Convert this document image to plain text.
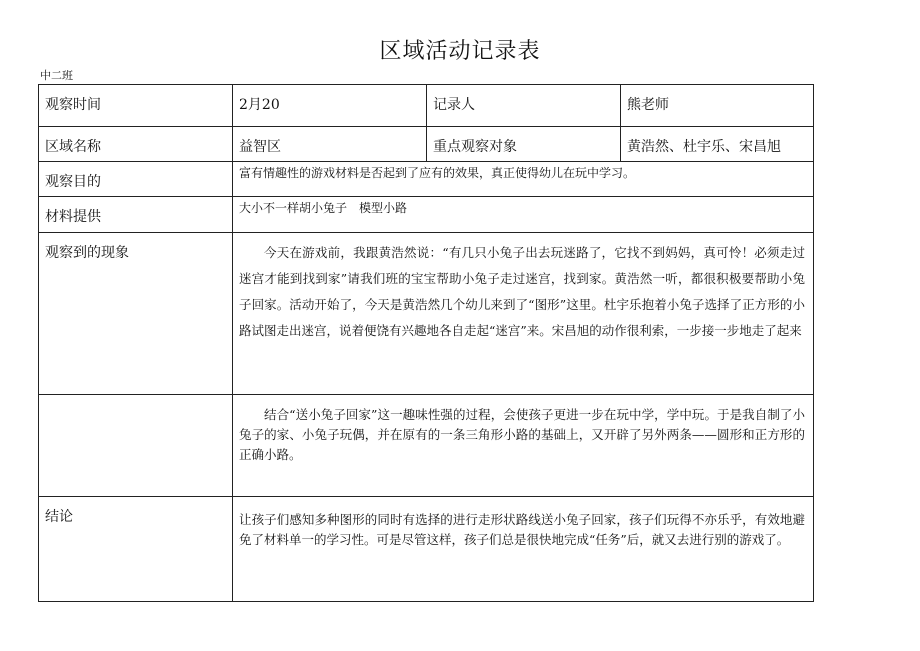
区域活动记录表
中二班
观察时间	2月20	记录人	熊老师
区域名称	益智区	重点观察对象	黄浩然、杜宇乐、宋昌旭
观察目的	富有情趣性的游戏材料是否起到了应有的效果，真正使得幼儿在玩中学习。		
材料提供	大小不一样胡小兔子　模型小路		
观察到的现象	今天在游戏前，我跟黄浩然说：“有几只小兔子出去玩迷路了，它找不到妈妈，真可怜！必须走过迷宫才能到找到家”请我们班的宝宝帮助小兔子走过迷宫，找到家。黄浩然一听，都很积极要帮助小兔子回家。活动开始了，今天是黄浩然几个幼儿来到了“图形”这里。杜宇乐抱着小兔子选择了正方形的小路试图走出迷宫，说着便饶有兴趣地各自走起“迷宫”来。宋昌旭的动作很利索，一步接一步地走了起来		
	结合“送小兔子回家”这一趣味性强的过程，会使孩子更进一步在玩中学，学中玩。于是我自制了小兔子的家、小兔子玩偶，并在原有的一条三角形小路的基础上，又开辟了另外两条——圆形和正方形的正确小路。		
结论	让孩子们感知多种图形的同时有选择的进行走形状路线送小兔子回家，孩子们玩得不亦乐乎，有效地避免了材料单一的学习性。可是尽管这样，孩子们总是很快地完成“任务”后，就又去进行别的游戏了。		
